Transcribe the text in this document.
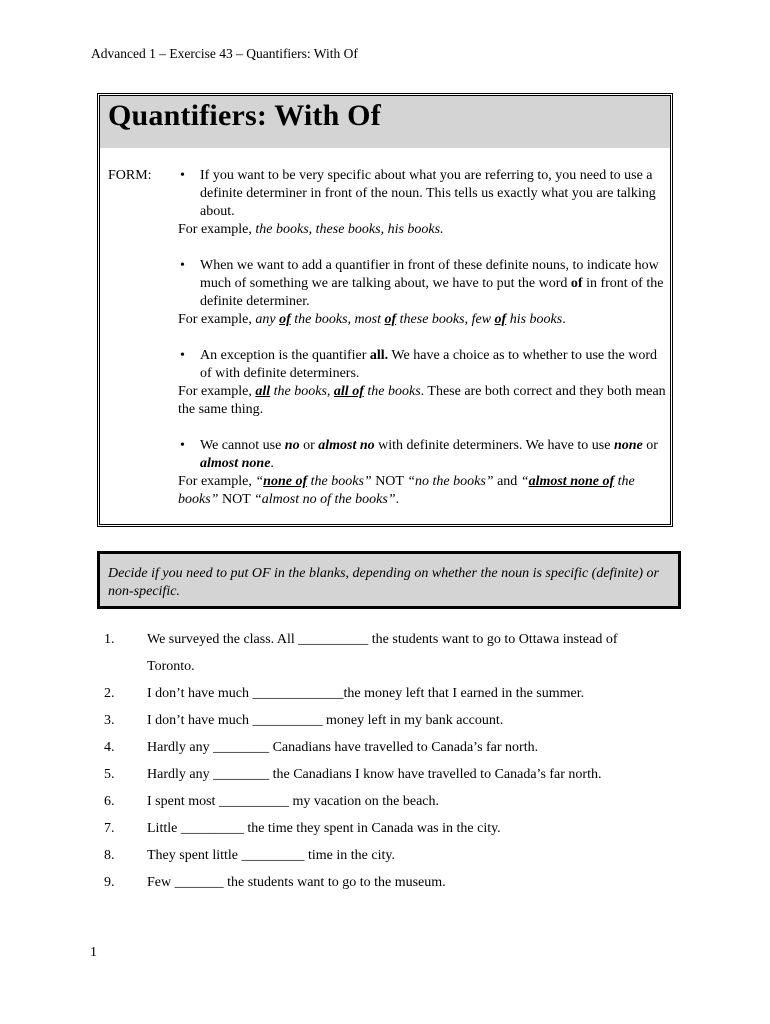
Advanced 1 – Exercise 43 – Quantifiers: With Of
Quantifiers: With Of
FORM: • If you want to be very specific about what you are referring to, you need to use a definite determiner in front of the noun. This tells us exactly what you are talking about.
For example, the books, these books, his books.
• When we want to add a quantifier in front of these definite nouns, to indicate how much of something we are talking about, we have to put the word of in front of the definite determiner.
For example, any of the books, most of these books, few of his books.
• An exception is the quantifier all. We have a choice as to whether to use the word of with definite determiners.
For example, all the books, all of the books. These are both correct and they both mean the same thing.
• We cannot use no or almost no with definite determiners. We have to use none or almost none.
For example, “none of the books” NOT “no the books” and “almost none of the books” NOT “almost no of the books”.
Decide if you need to put OF in the blanks, depending on whether the noun is specific (definite) or non-specific.
1. We surveyed the class. All __________ the students want to go to Ottawa instead of
Toronto.
2. I don’t have much _____________the money left that I earned in the summer.
3. I don’t have much __________ money left in my bank account.
4. Hardly any ________ Canadians have travelled to Canada’s far north.
5. Hardly any ________ the Canadians I know have travelled to Canada’s far north.
6. I spent most __________ my vacation on the beach.
7. Little _________ the time they spent in Canada was in the city.
8. They spent little _________ time in the city.
9. Few _______ the students want to go to the museum.
1
